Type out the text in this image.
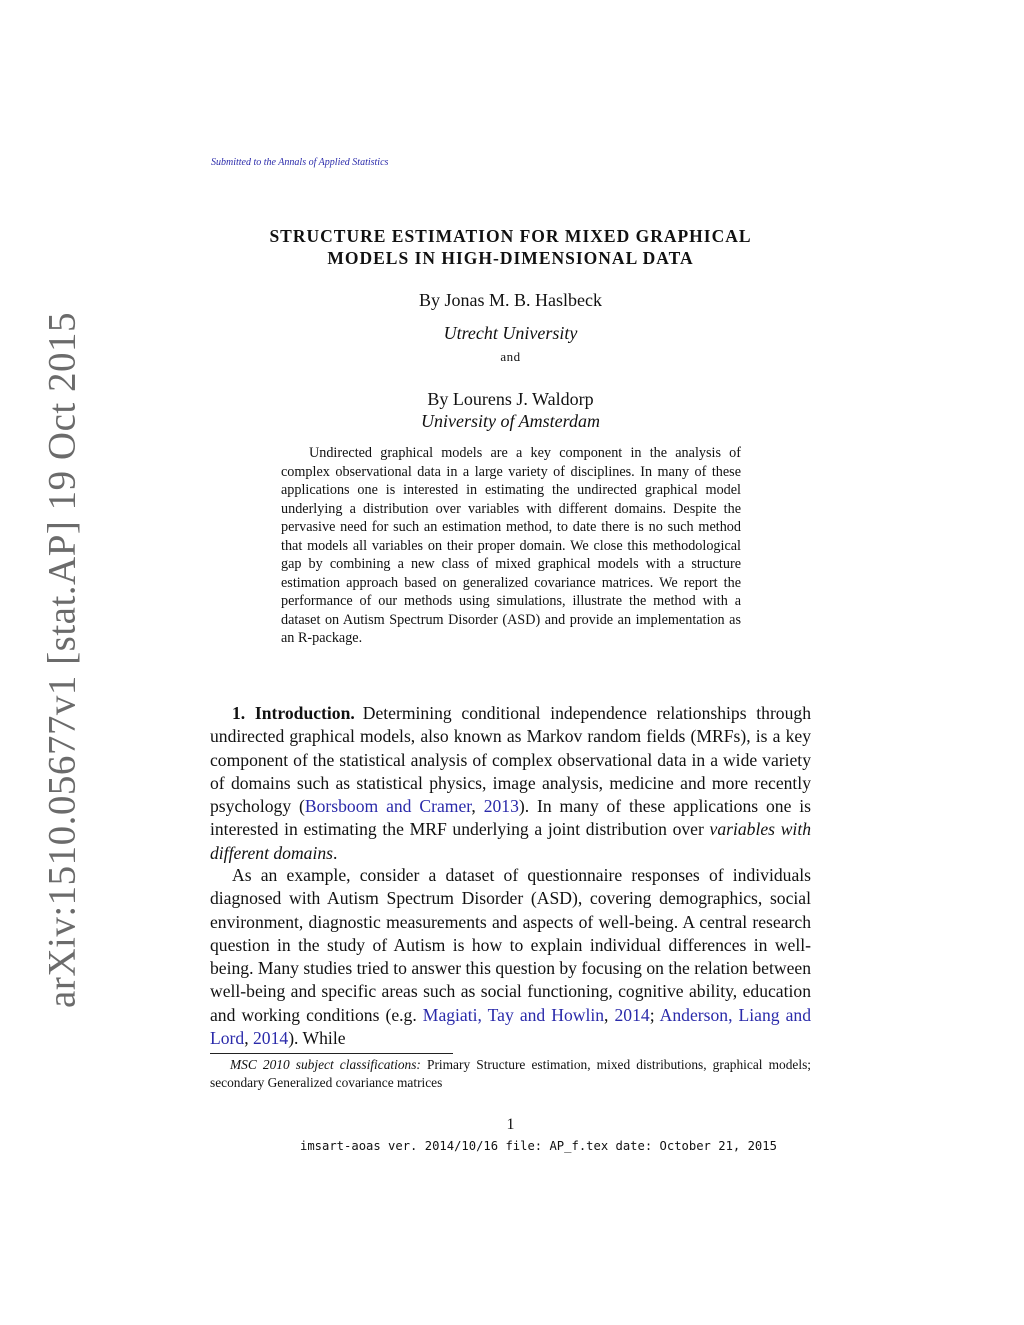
arXiv:1510.05677v1 [stat.AP] 19 Oct 2015
Submitted to the Annals of Applied Statistics
STRUCTURE ESTIMATION FOR MIXED GRAPHICAL
MODELS IN HIGH-DIMENSIONAL DATA
By Jonas M. B. Haslbeck
Utrecht University
and
By Lourens J. Waldorp
University of Amsterdam

Undirected graphical models are a key component in the analysis of complex observational data in a large variety of disciplines. In many of these applications one is interested in estimating the undirected graphical model underlying a distribution over variables with different domains. Despite the pervasive need for such an estimation method, to date there is no such method that models all variables on their proper domain. We close this methodological gap by combining a new class of mixed graphical models with a structure estimation approach based on generalized covariance matrices. We report the performance of our methods using simulations, illustrate the method with a dataset on Autism Spectrum Disorder (ASD) and provide an implementation as an R-package.

1. Introduction. Determining conditional independence relationships through undirected graphical models, also known as Markov random fields (MRFs), is a key component of the statistical analysis of complex observational data in a wide variety of domains such as statistical physics, image analysis, medicine and more recently psychology (Borsboom and Cramer, 2013). In many of these applications one is interested in estimating the MRF underlying a joint distribution over variables with different domains.

As an example, consider a dataset of questionnaire responses of individuals diagnosed with Autism Spectrum Disorder (ASD), covering demographics, social environment, diagnostic measurements and aspects of well-being. A central research question in the study of Autism is how to explain individual differences in well-being. Many studies tried to answer this question by focusing on the relation between well-being and specific areas such as social functioning, cognitive ability, education and working conditions (e.g. Magiati, Tay and Howlin, 2014; Anderson, Liang and Lord, 2014). While

MSC 2010 subject classifications: Primary Structure estimation, mixed distributions, graphical models; secondary Generalized covariance matrices

1
imsart-aoas ver. 2014/10/16 file: AP_f.tex date: October 21, 2015
